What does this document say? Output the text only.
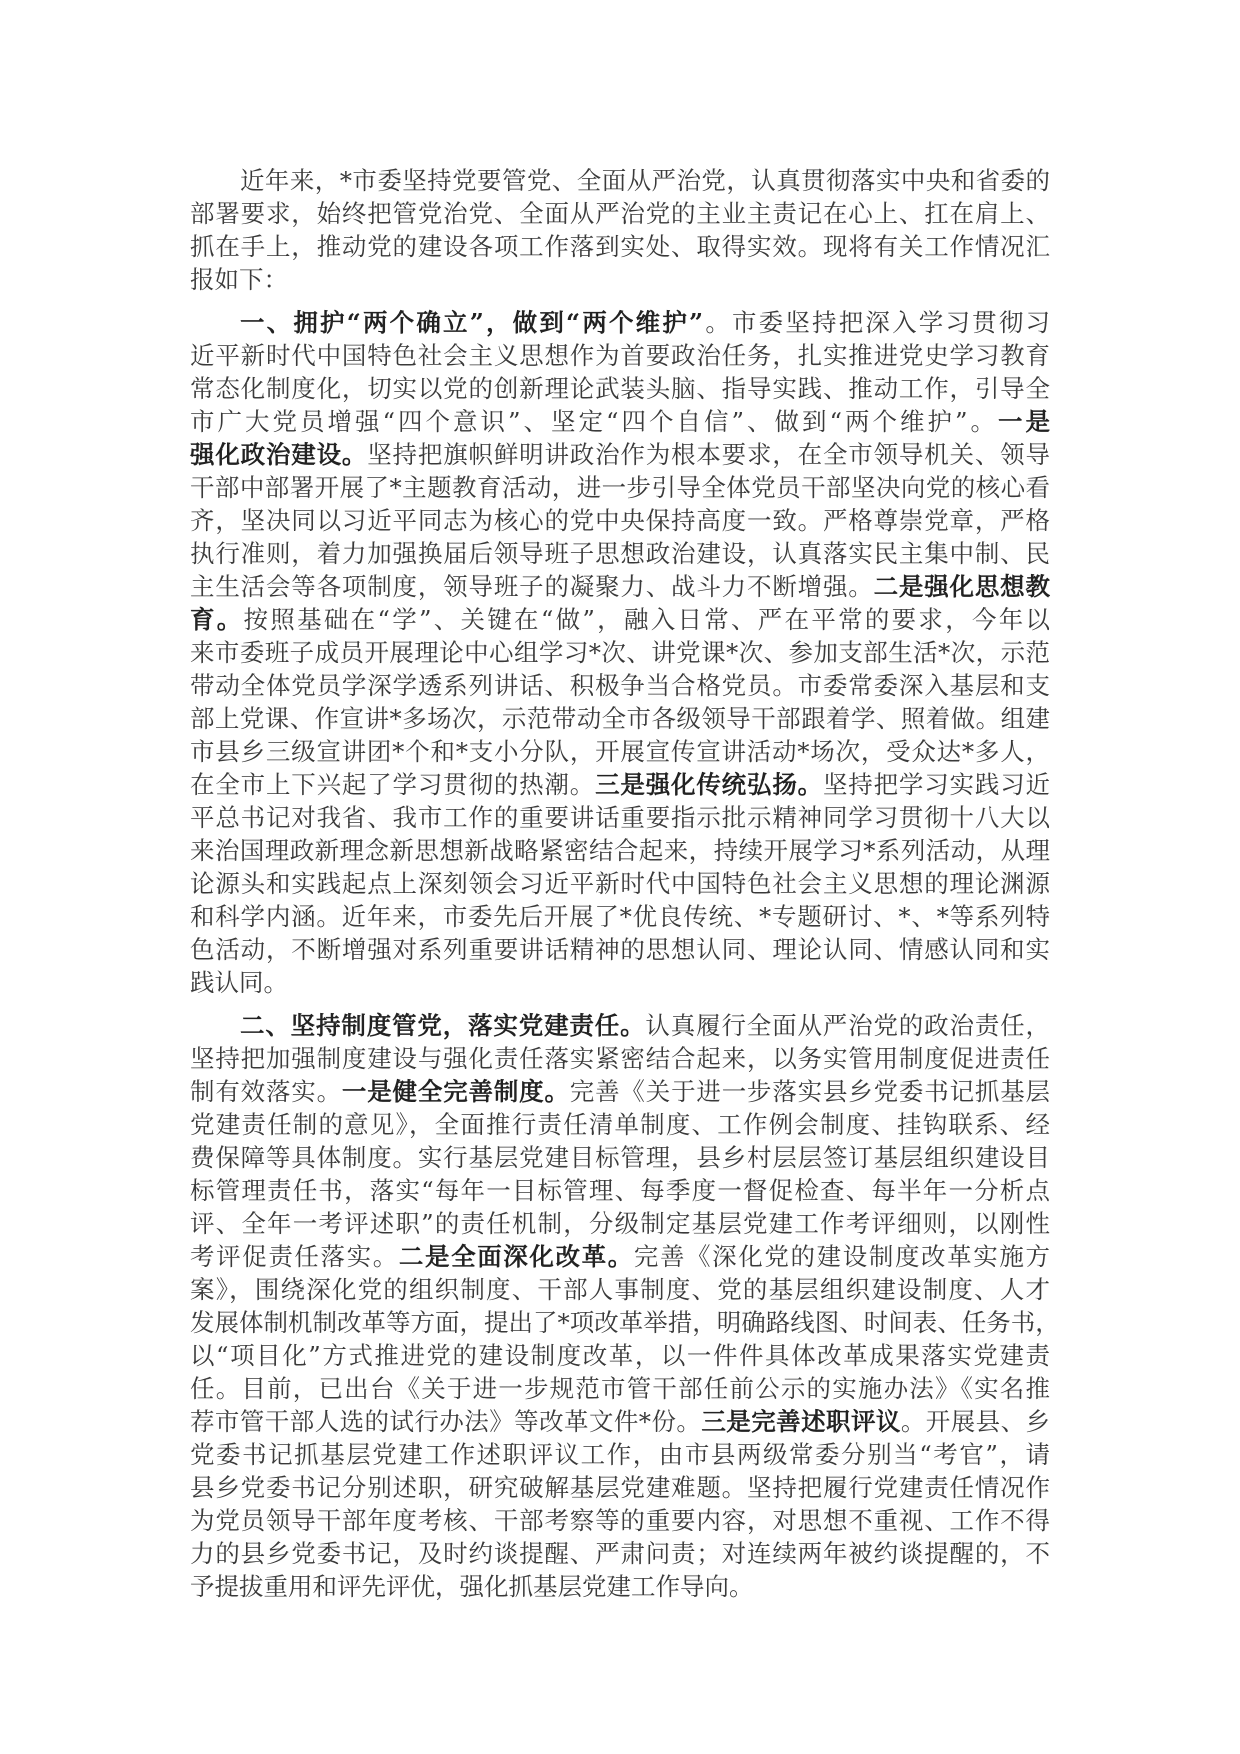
近年来，*市委坚持党要管党、全面从严治党，认真贯彻落实中央和省委的
部署要求，始终把管党治党、全面从严治党的主业主责记在心上、扛在肩上、
抓在手上，推动党的建设各项工作落到实处、取得实效。现将有关工作情况汇
报如下：
一、拥护“两个确立”，做到“两个维护”。市委坚持把深入学习贯彻习
近平新时代中国特色社会主义思想作为首要政治任务，扎实推进党史学习教育
常态化制度化，切实以党的创新理论武装头脑、指导实践、推动工作，引导全
市广大党员增强“四个意识”、坚定“四个自信”、做到“两个维护”。一是
强化政治建设。坚持把旗帜鲜明讲政治作为根本要求，在全市领导机关、领导
干部中部署开展了*主题教育活动，进一步引导全体党员干部坚决向党的核心看
齐，坚决同以习近平同志为核心的党中央保持高度一致。严格尊崇党章，严格
执行准则，着力加强换届后领导班子思想政治建设，认真落实民主集中制、民
主生活会等各项制度，领导班子的凝聚力、战斗力不断增强。二是强化思想教
育。按照基础在“学”、关键在“做”，融入日常、严在平常的要求，今年以
来市委班子成员开展理论中心组学习*次、讲党课*次、参加支部生活*次，示范
带动全体党员学深学透系列讲话、积极争当合格党员。市委常委深入基层和支
部上党课、作宣讲*多场次，示范带动全市各级领导干部跟着学、照着做。组建
市县乡三级宣讲团*个和*支小分队，开展宣传宣讲活动*场次，受众达*多人，
在全市上下兴起了学习贯彻的热潮。三是强化传统弘扬。坚持把学习实践习近
平总书记对我省、我市工作的重要讲话重要指示批示精神同学习贯彻十八大以
来治国理政新理念新思想新战略紧密结合起来，持续开展学习*系列活动，从理
论源头和实践起点上深刻领会习近平新时代中国特色社会主义思想的理论渊源
和科学内涵。近年来，市委先后开展了*优良传统、*专题研讨、*、*等系列特
色活动，不断增强对系列重要讲话精神的思想认同、理论认同、情感认同和实
践认同。
二、坚持制度管党，落实党建责任。认真履行全面从严治党的政治责任，
坚持把加强制度建设与强化责任落实紧密结合起来，以务实管用制度促进责任
制有效落实。一是健全完善制度。完善《关于进一步落实县乡党委书记抓基层
党建责任制的意见》，全面推行责任清单制度、工作例会制度、挂钩联系、经
费保障等具体制度。实行基层党建目标管理，县乡村层层签订基层组织建设目
标管理责任书，落实“每年一目标管理、每季度一督促检查、每半年一分析点
评、全年一考评述职”的责任机制，分级制定基层党建工作考评细则，以刚性
考评促责任落实。二是全面深化改革。完善《深化党的建设制度改革实施方
案》，围绕深化党的组织制度、干部人事制度、党的基层组织建设制度、人才
发展体制机制改革等方面，提出了*项改革举措，明确路线图、时间表、任务书，
以“项目化”方式推进党的建设制度改革，以一件件具体改革成果落实党建责
任。目前，已出台《关于进一步规范市管干部任前公示的实施办法》《实名推
荐市管干部人选的试行办法》等改革文件*份。三是完善述职评议。开展县、乡
党委书记抓基层党建工作述职评议工作，由市县两级常委分别当“考官”，请
县乡党委书记分别述职，研究破解基层党建难题。坚持把履行党建责任情况作
为党员领导干部年度考核、干部考察等的重要内容，对思想不重视、工作不得
力的县乡党委书记，及时约谈提醒、严肃问责；对连续两年被约谈提醒的，不
予提拔重用和评先评优，强化抓基层党建工作导向。
